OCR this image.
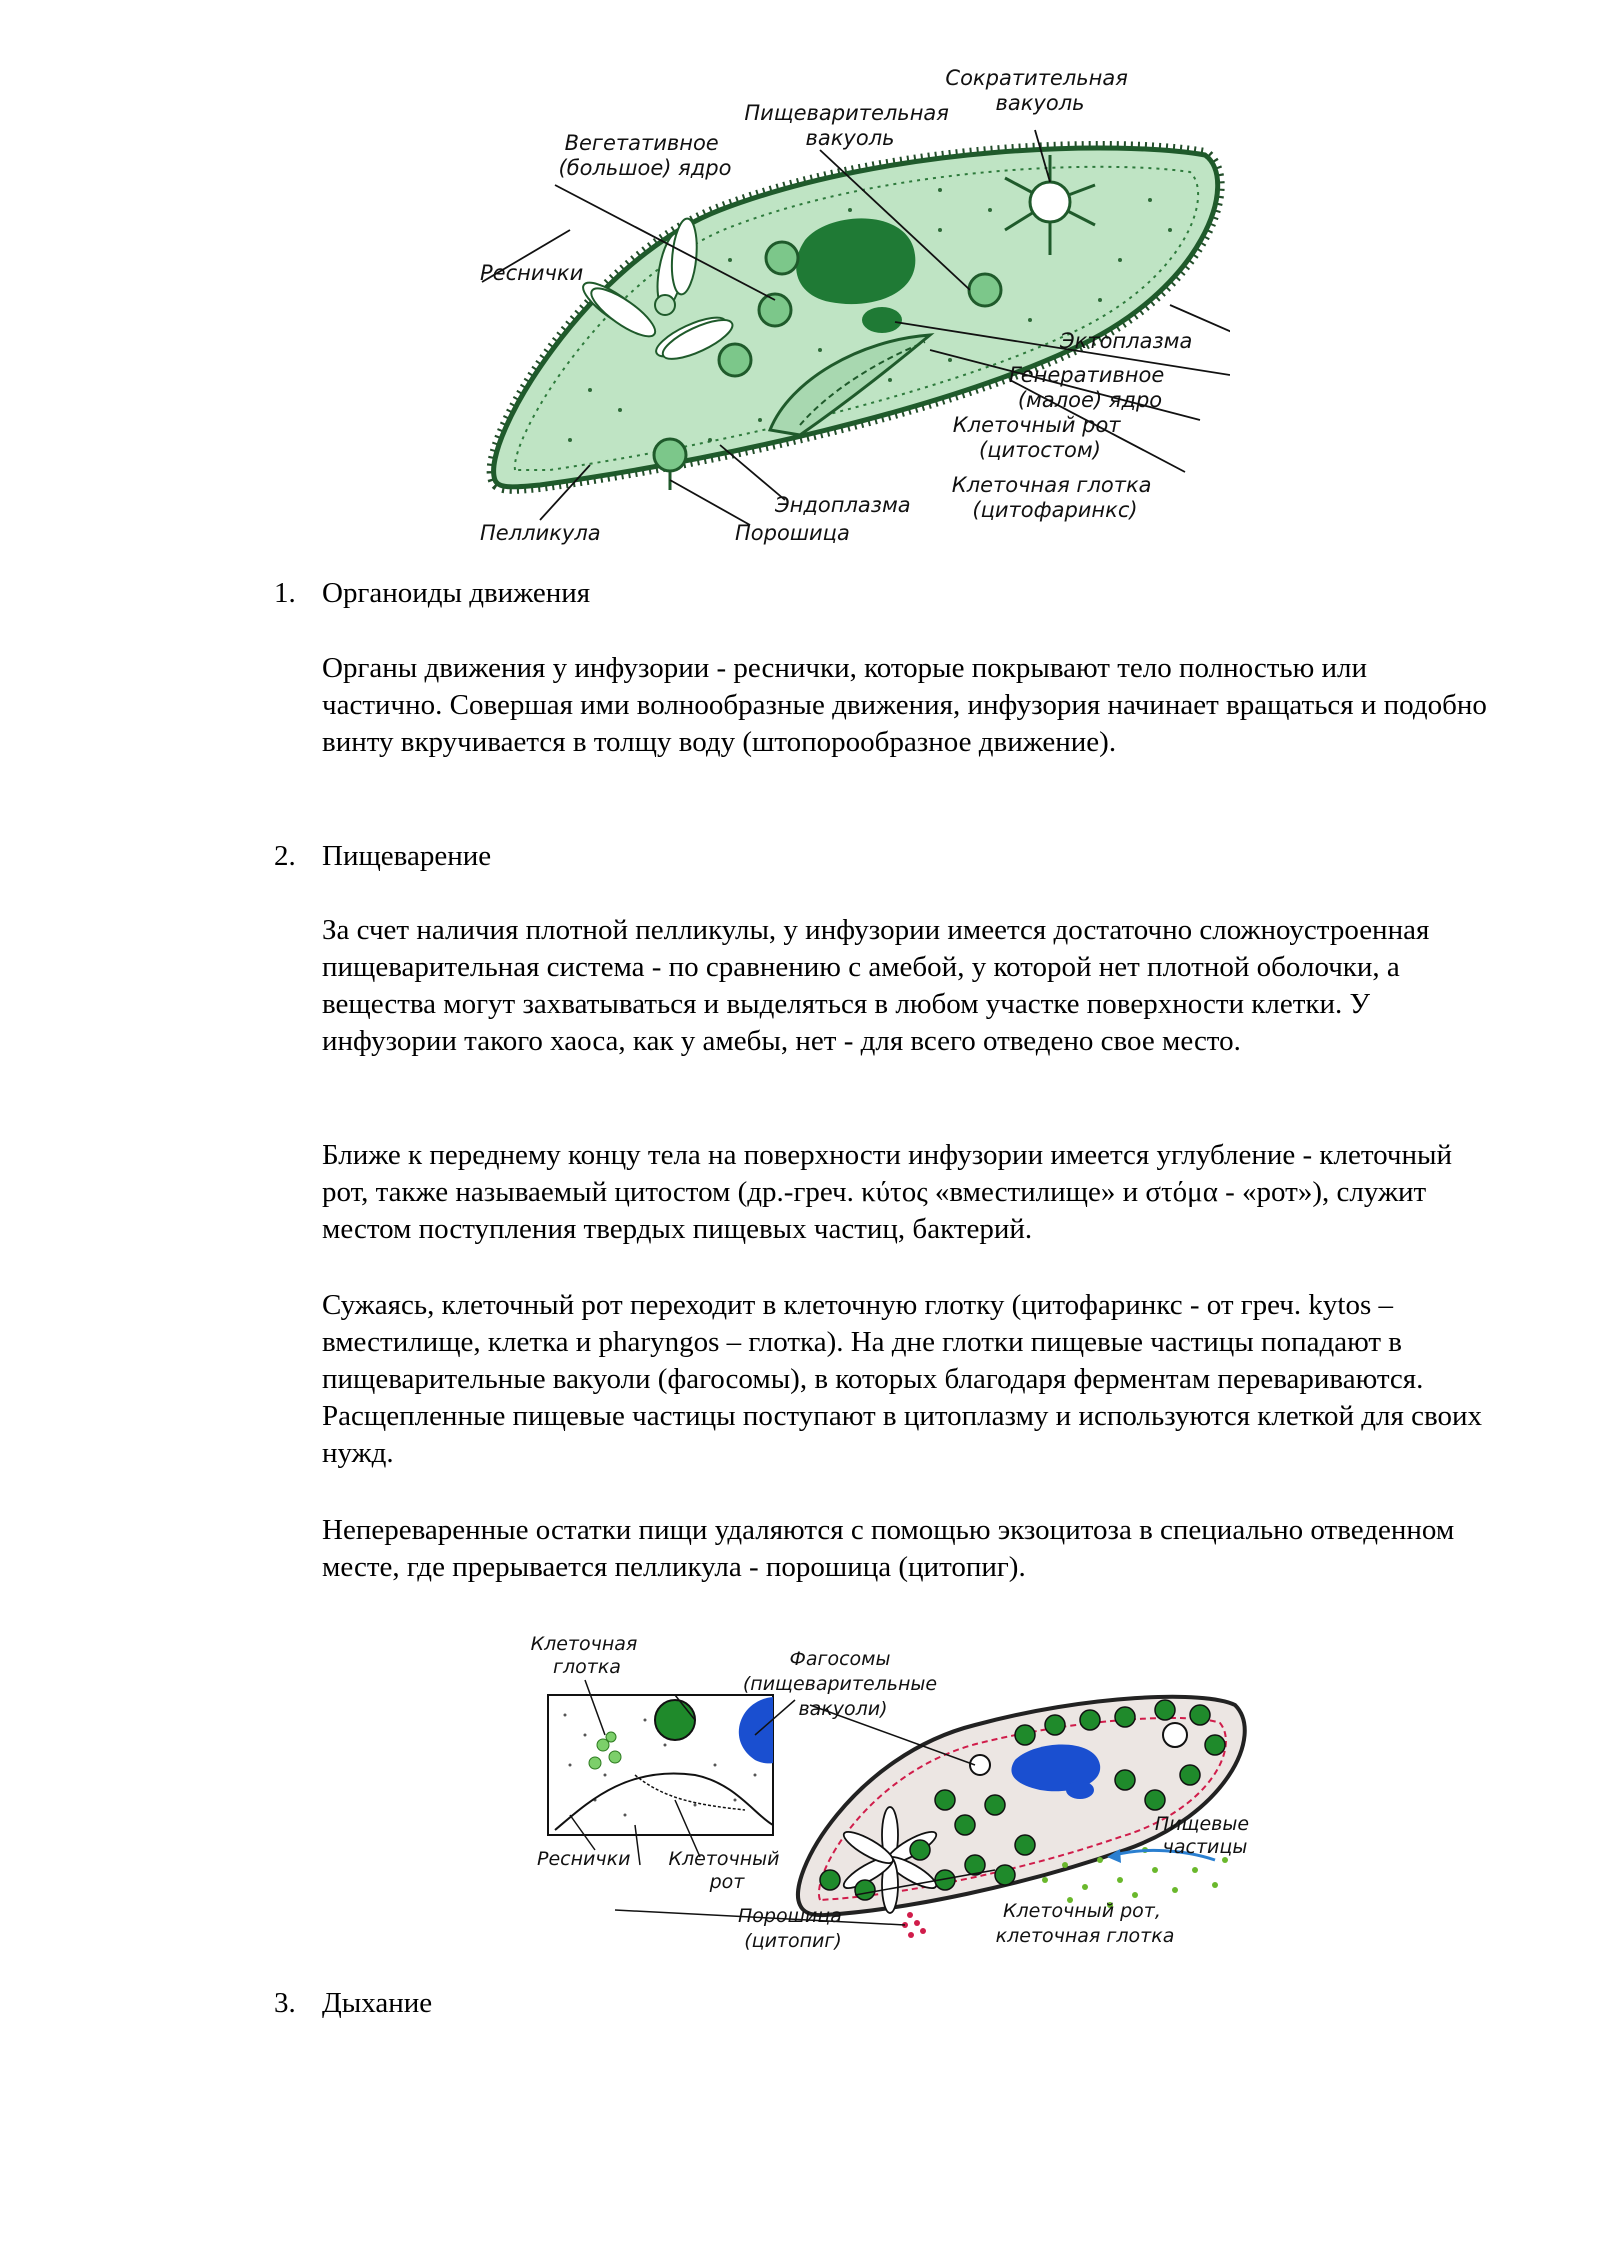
Сократительная вакуоль
Пищеварительная вакуоль
Вегетативное (большое) ядро
Реснички
Эктоплазма
Генеративное (малое) ядро
Клеточный рот (цитостом)
Клеточная глотка (цитофаринкс)
Эндоплазма
Пелликула	Порошица
1. Органоиды движения

Органы движения у инфузории - реснички, которые покрывают тело полностью или частично. Совершая ими волнообразные движения, инфузория начинает вращаться и подобно винту вкручивается в толщу воду (штопорообразное движение).

2. Пищеварение

За счет наличия плотной пелликулы, у инфузории имеется достаточно сложноустроенная пищеварительная система - по сравнению с амебой, у которой нет плотной оболочки, а вещества могут захватываться и выделяться в любом участке поверхности клетки. У инфузории такого хаоса, как у амебы, нет - для всего отведено свое место.

Ближе к переднему концу тела на поверхности инфузории имеется углубление - клеточный рот, также называемый цитостом (др.-греч. κύτος «вместилище» и στόμα - «рот»), служит местом поступления твердых пищевых частиц, бактерий.

Сужаясь, клеточный рот переходит в клеточную глотку (цитофаринкс - от греч. kytos – вместилище, клетка и pharyngos – глотка). На дне глотки пищевые частицы попадают в пищеварительные вакуоли (фагосомы), в которых благодаря ферментам перевариваются. Расщепленные пищевые частицы поступают в цитоплазму и используются клеткой для своих нужд.

Непереваренные остатки пищи удаляются с помощью экзоцитоза в специально отведенном месте, где прерывается пелликула - порошица (цитопиг).

Клеточная глотка	Фагосомы (пищеварительные вакуоли)
Реснички Клеточный рот
Порошица (цитопиг)
Клеточный рот, клеточная глотка
Пищевые частицы
3. Дыхание
